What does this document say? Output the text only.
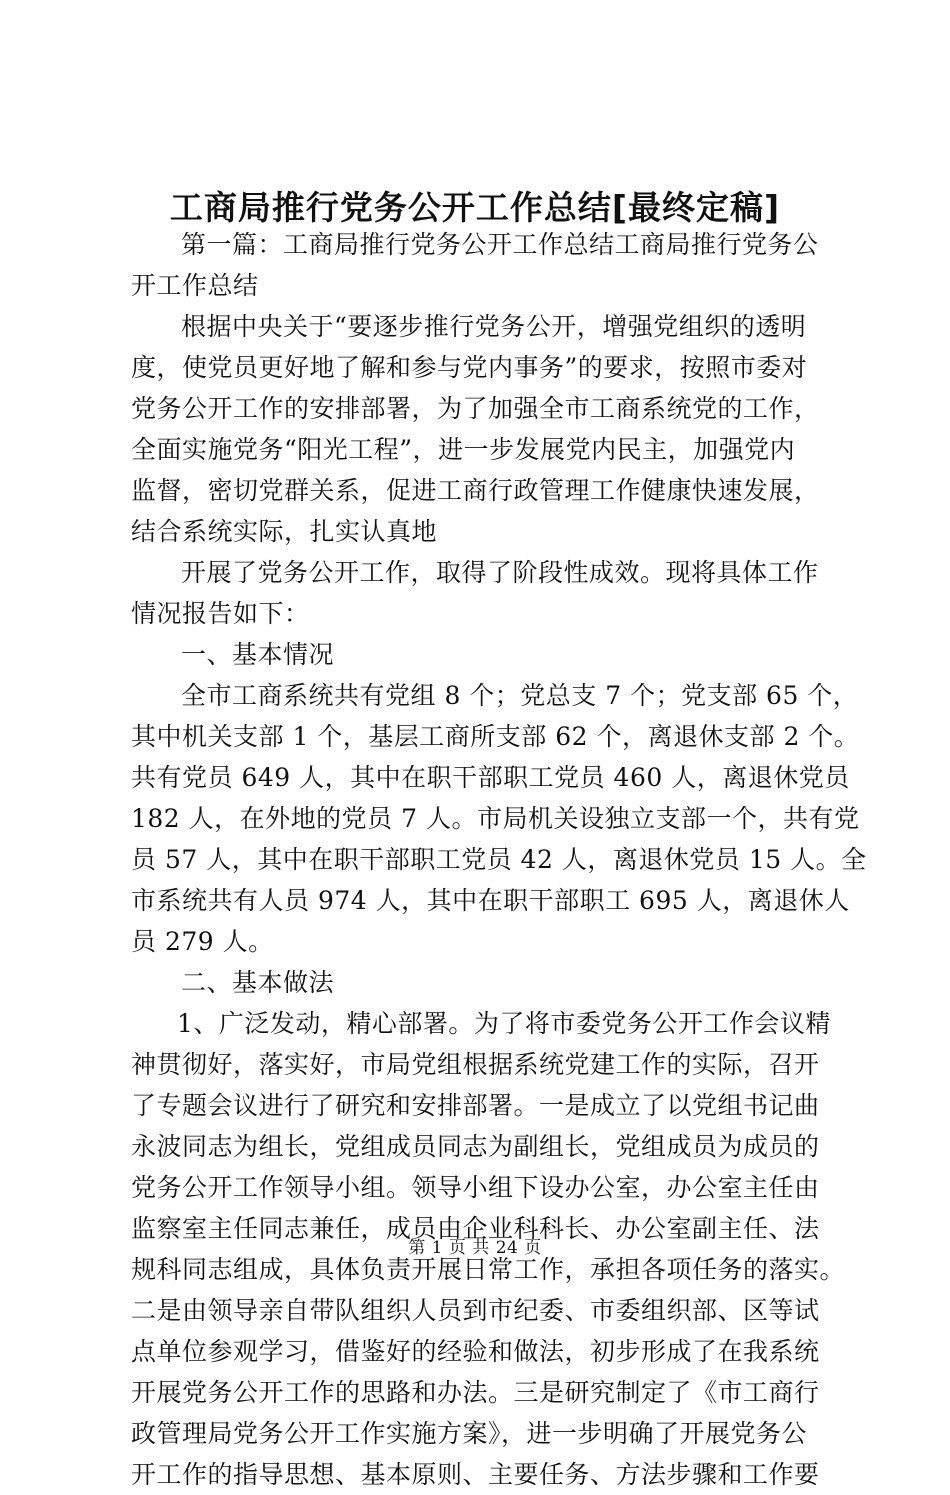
工商局推行党务公开工作总结[最终定稿]
第一篇：工商局推行党务公开工作总结工商局推行党务公
开工作总结
根据中央关于“要逐步推行党务公开，增强党组织的透明
度，使党员更好地了解和参与党内事务”的要求，按照市委对
党务公开工作的安排部署，为了加强全市工商系统党的工作，
全面实施党务“阳光工程”，进一步发展党内民主，加强党内
监督，密切党群关系，促进工商行政管理工作健康快速发展，
结合系统实际，扎实认真地
开展了党务公开工作，取得了阶段性成效。现将具体工作
情况报告如下：
一、基本情况
全市工商系统共有党组 8 个；党总支 7 个；党支部 65 个，
其中机关支部 1 个，基层工商所支部 62 个，离退休支部 2 个。
共有党员 649 人，其中在职干部职工党员 460 人，离退休党员
182 人，在外地的党员 7 人。市局机关设独立支部一个，共有党
员 57 人，其中在职干部职工党员 42 人，离退休党员 15 人。全
市系统共有人员 974 人，其中在职干部职工 695 人，离退休人
员 279 人。
二、基本做法
1、广泛发动，精心部署。为了将市委党务公开工作会议精
神贯彻好，落实好，市局党组根据系统党建工作的实际，召开
了专题会议进行了研究和安排部署。一是成立了以党组书记曲
永波同志为组长，党组成员同志为副组长，党组成员为成员的
党务公开工作领导小组。领导小组下设办公室，办公室主任由
监察室主任同志兼任，成员由企业科科长、办公室副主任、法
规科同志组成，具体负责开展日常工作，承担各项任务的落实。
二是由领导亲自带队组织人员到市纪委、市委组织部、区等试
点单位参观学习，借鉴好的经验和做法，初步形成了在我系统
开展党务公开工作的思路和办法。三是研究制定了《市工商行
政管理局党务公开工作实施方案》，进一步明确了开展党务公
开工作的指导思想、基本原则、主要任务、方法步骤和工作要
第 1 页 共 24 页
